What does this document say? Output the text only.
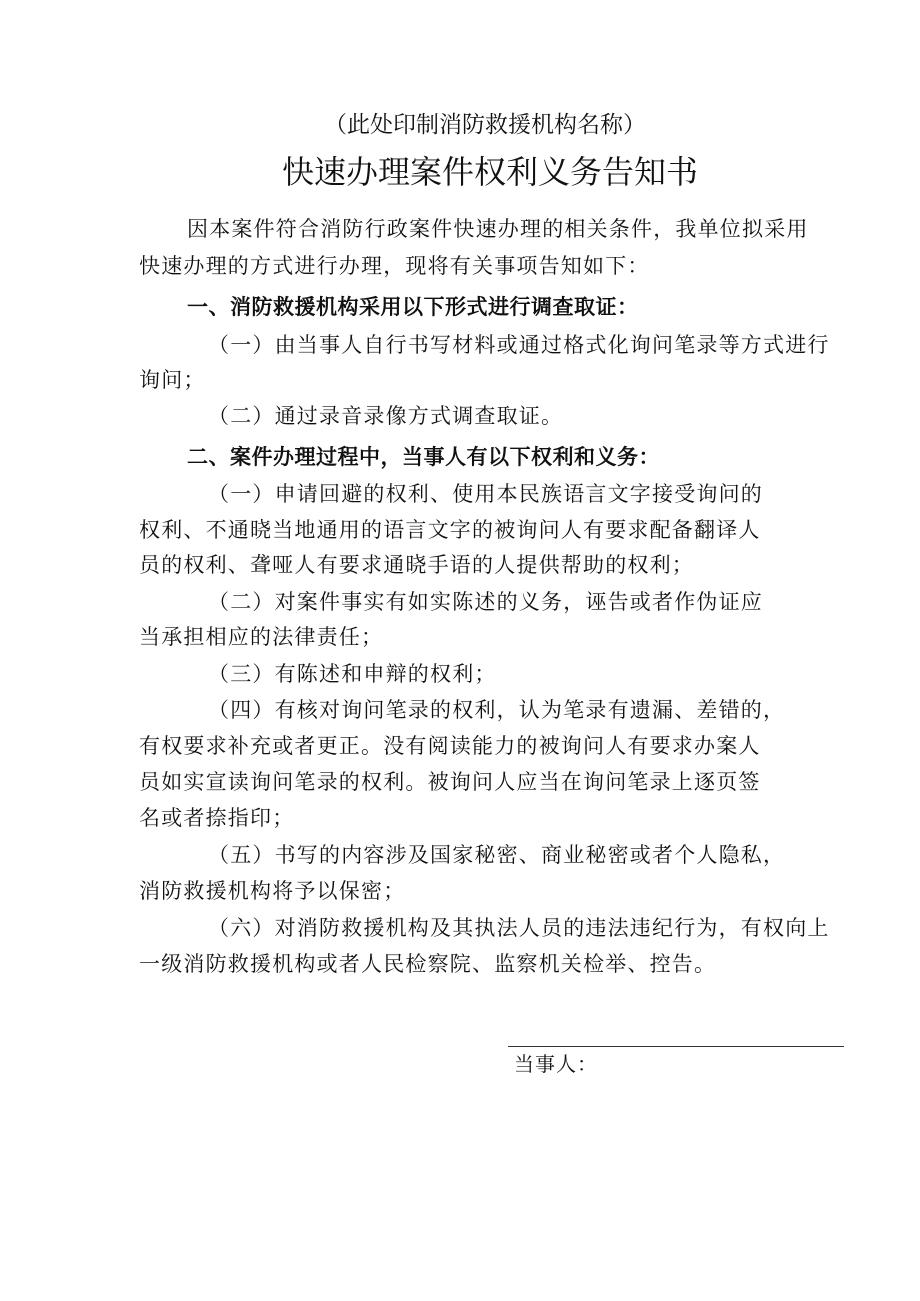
（此处印制消防救援机构名称）
快速办理案件权利义务告知书
因本案件符合消防行政案件快速办理的相关条件，我单位拟采用
快速办理的方式进行办理，现将有关事项告知如下：
一、消防救援机构采用以下形式进行调查取证：
（一）由当事人自行书写材料或通过格式化询问笔录等方式进行
询问；
（二）通过录音录像方式调查取证。
二、案件办理过程中，当事人有以下权利和义务：
（一）申请回避的权利、使用本民族语言文字接受询问的
权利、不通晓当地通用的语言文字的被询问人有要求配备翻译人
员的权利、聋哑人有要求通晓手语的人提供帮助的权利；
（二）对案件事实有如实陈述的义务，诬告或者作伪证应
当承担相应的法律责任；
（三）有陈述和申辩的权利；
（四）有核对询问笔录的权利，认为笔录有遗漏、差错的，
有权要求补充或者更正。没有阅读能力的被询问人有要求办案人
员如实宣读询问笔录的权利。被询问人应当在询问笔录上逐页签
名或者捺指印；
（五）书写的内容涉及国家秘密、商业秘密或者个人隐私，
消防救援机构将予以保密；
（六）对消防救援机构及其执法人员的违法违纪行为，有权向上
一级消防救援机构或者人民检察院、监察机关检举、控告。
当事人：
